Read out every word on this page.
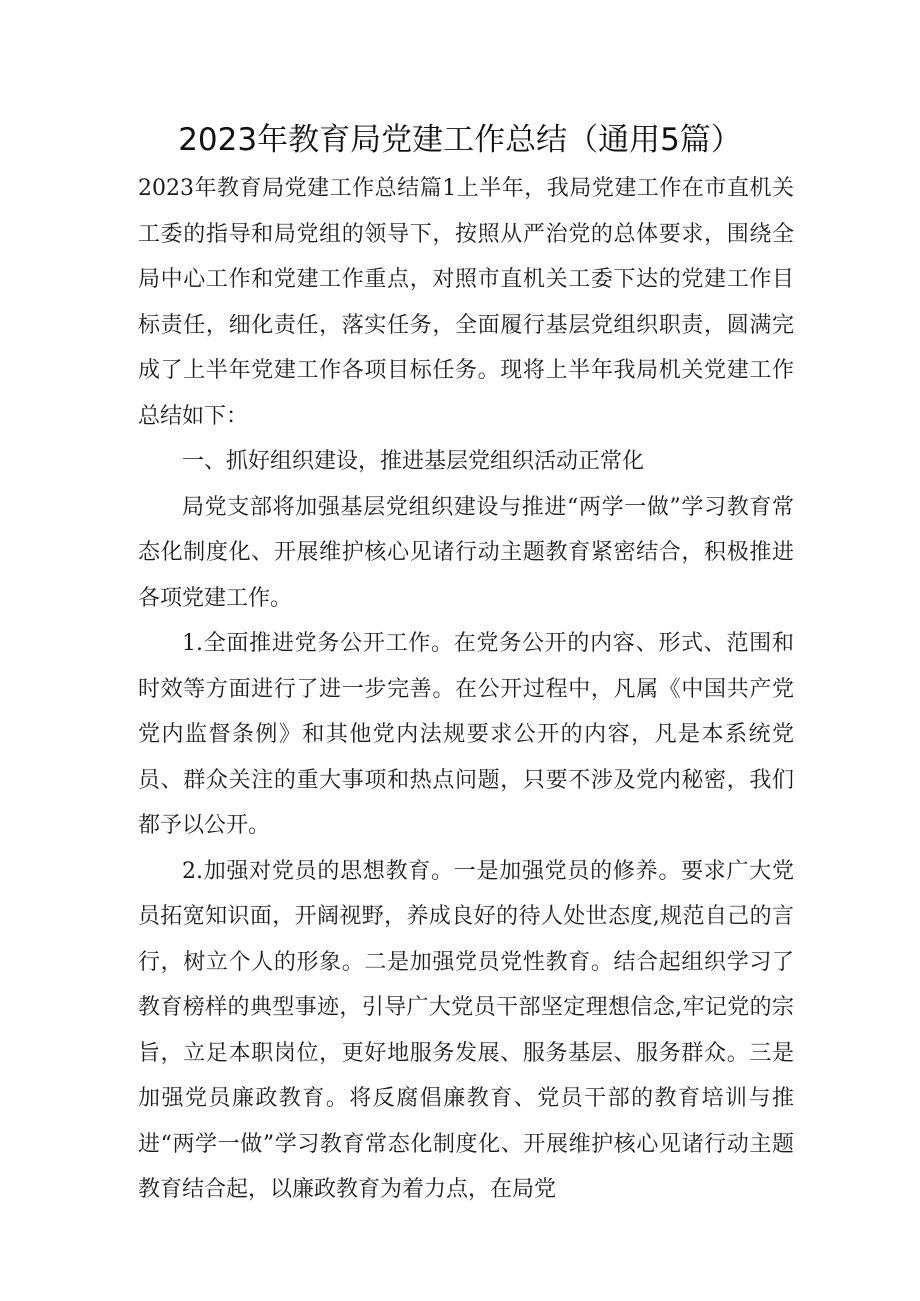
2023年教育局党建工作总结（通用5篇）

2023年教育局党建工作总结篇1上半年，我局党建工作在市直机关工委的指导和局党组的领导下，按照从严治党的总体要求，围绕全局中心工作和党建工作重点，对照市直机关工委下达的党建工作目标责任，细化责任，落实任务，全面履行基层党组织职责，圆满完成了上半年党建工作各项目标任务。现将上半年我局机关党建工作总结如下：

一、抓好组织建设，推进基层党组织活动正常化

局党支部将加强基层党组织建设与推进“两学一做”学习教育常态化制度化、开展维护核心见诸行动主题教育紧密结合，积极推进各项党建工作。

1.全面推进党务公开工作。在党务公开的内容、形式、范围和时效等方面进行了进一步完善。在公开过程中，凡属《中国共产党党内监督条例》和其他党内法规要求公开的内容，凡是本系统党员、群众关注的重大事项和热点问题，只要不涉及党内秘密，我们都予以公开。

2.加强对党员的思想教育。一是加强党员的修养。要求广大党员拓宽知识面，开阔视野，养成良好的待人处世态度,规范自己的言行，树立个人的形象。二是加强党员党性教育。结合起组织学习了教育榜样的典型事迹，引导广大党员干部坚定理想信念,牢记党的宗旨，立足本职岗位，更好地服务发展、服务基层、服务群众。三是加强党员廉政教育。将反腐倡廉教育、党员干部的教育培训与推进“两学一做”学习教育常态化制度化、开展维护核心见诸行动主题教育结合起，以廉政教育为着力点，在局党
